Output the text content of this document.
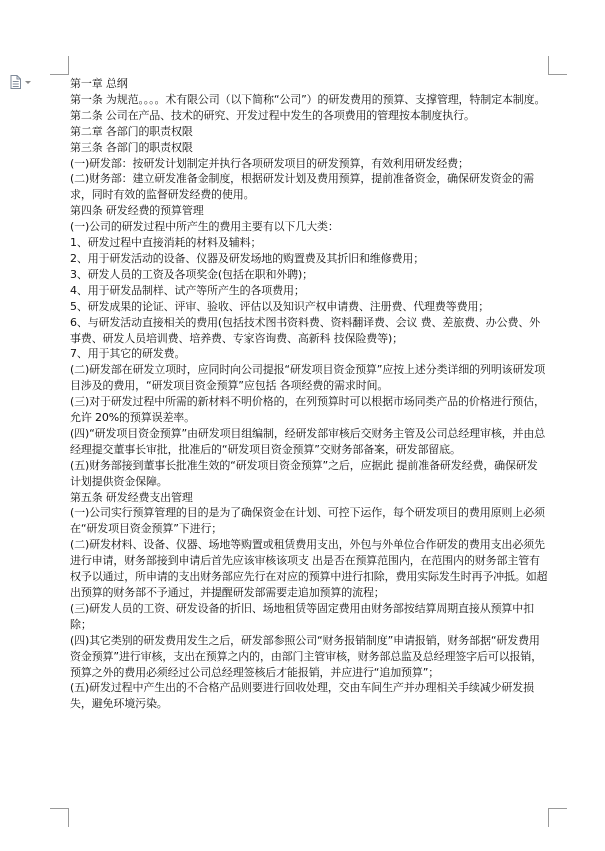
第一章 总纲

第一条 为规范。。。。术有限公司（以下简称“公司”）的研发费用的预算、支撑管理，特制定本制度。

第二条 公司在产品、技术的研究、开发过程中发生的各项费用的管理按本制度执行。

第二章 各部门的职责权限

第三条 各部门的职责权限

(一)研发部：按研发计划制定并执行各项研发项目的研发预算，有效利用研发经费；

(二)财务部：建立研发准备金制度，根据研发计划及费用预算，提前准备资金，确保研发资金的需求，同时有效的监督研发经费的使用。

第四条 研发经费的预算管理

(一)公司的研发过程中所产生的费用主要有以下几大类：

1、研发过程中直接消耗的材料及辅料；

2、用于研发活动的设备、仪器及研发场地的购置费及其折旧和维修费用；

3、研发人员的工资及各项奖金(包括在职和外聘)；

4、用于研发品制样、试产等所产生的各项费用；

5、研发成果的论证、评审、验收、评估以及知识产权申请费、注册费、代理费等费用；

6、与研发活动直接相关的费用(包括技术图书资料费、资料翻译费、会议 费、差旅费、办公费、外事费、研发人员培训费、培养费、专家咨询费、高新科 技保险费等)；

7、用于其它的研发费。

(二)研发部在研发立项时，应同时向公司提报“研发项目资金预算”应按上述分类详细的列明该研发项目涉及的费用，“研发项目资金预算”应包括 各项经费的需求时间。

(三)对于研发过程中所需的新材料不明价格的，在列预算时可以根据市场同类产品的价格进行预估，允许 20%的预算误差率。

(四)“研发项目资金预算”由研发项目组编制，经研发部审核后交财务主管及公司总经理审核，并由总经理提交董事长审批，批准后的“研发项目资金预算”交财务部备案，研发部留底。

(五)财务部接到董事长批准生效的“研发项目资金预算”之后，应据此 提前准备研发经费，确保研发计划提供资金保障。

第五条 研发经费支出管理

(一)公司实行预算管理的目的是为了确保资金在计划、可控下运作，每个研发项目的费用原则上必须在“研发项目资金预算”下进行；

(二)研发材料、设备、仪器、场地等购置或租赁费用支出，外包与外单位合作研发的费用支出必须先进行申请，财务部接到申请后首先应该审核该项支 出是否在预算范围内，在范围内的财务部主管有权予以通过，所申请的支出财务部应先行在对应的预算中进行扣除，费用实际发生时再予冲抵。如超出预算的财务部不予通过，并提醒研发部需要走追加预算的流程；

(三)研发人员的工资、研发设备的折旧、场地租赁等固定费用由财务部按结算周期直接从预算中扣除；

(四)其它类别的研发费用发生之后，研发部参照公司“财务报销制度”申请报销，财务部据“研发费用资金预算”进行审核，支出在预算之内的，由部门主管审核，财务部总监及总经理签字后可以报销，预算之外的费用必须经过公司总经理签核后才能报销，并应进行“追加预算”；

(五)研发过程中产生出的不合格产品则要进行回收处理，交由车间生产并办理相关手续减少研发损失，避免环境污染。
